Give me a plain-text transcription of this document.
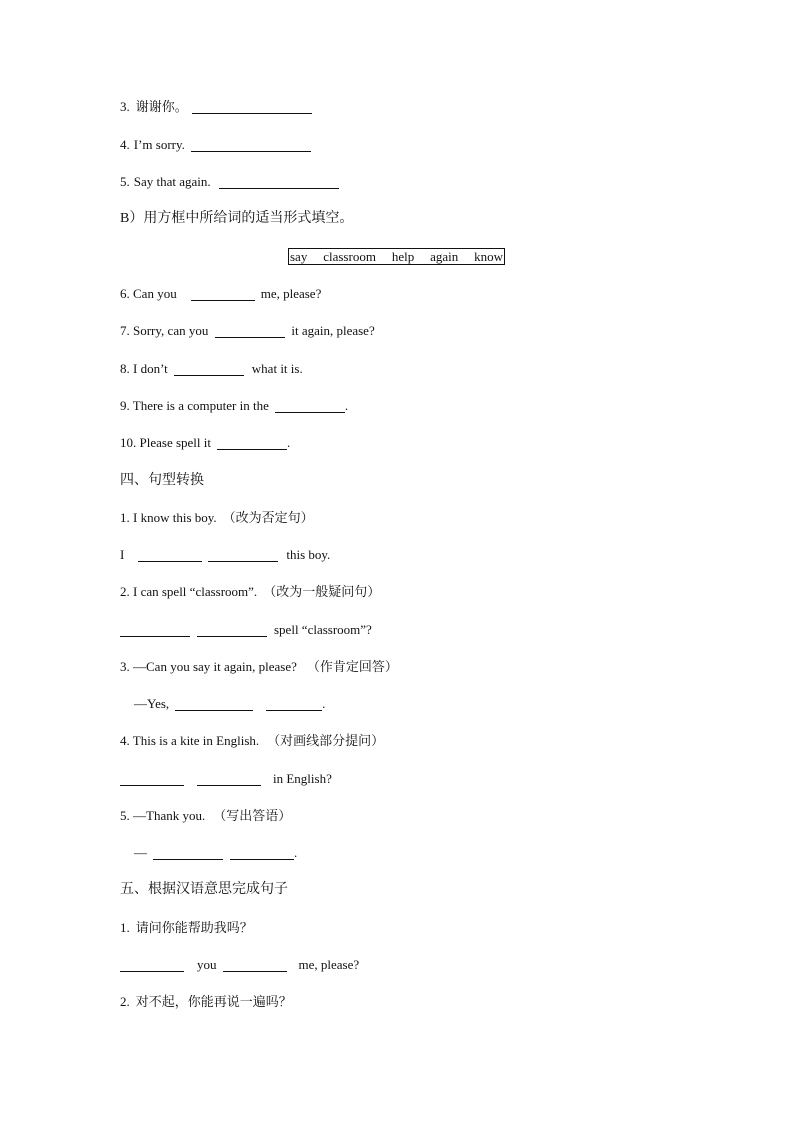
3. 谢谢你。
4. I’m sorry.
5. Say that again.
B）用方框中所给词的适当形式填空。
say classroom help again know
6. Can you	me, please?
7. Sorry, can you	it again, please?
8. I don’t	what it is.
9. There is a computer in the	.
10. Please spell it	.
四、句型转换
1. I know this boy. （改为否定句）
I	this boy.
2. I can spell “classroom”. （改为一般疑问句）
spell “classroom”?
3. —Can you say it again, please? （作肯定回答）
—Yes,	.
4. This is a kite in English. （对画线部分提问）
in English?
5. —Thank you. （写出答语）
—	.
五、根据汉语意思完成句子
1. 请问你能帮助我吗？
you	me, please?
2. 对不起，你能再说一遍吗？
